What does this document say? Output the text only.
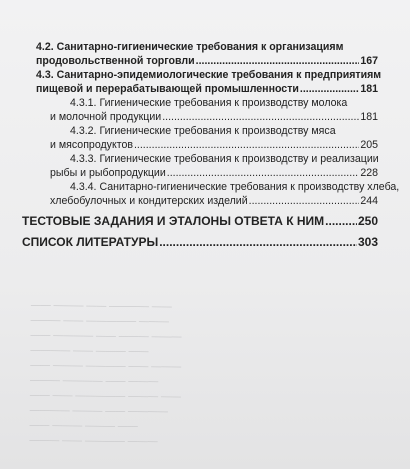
—— ——— —— ———— ——
——— —— ————— ———
—— ———— —— ——— ———
———— —— ——— ——
—— ——— ———— —— ———
——— ———— —— ———
—— —— ————— ——— ——
———— ——— —— ————
—— ——— ——— ——
——— —— ———— ———
4.2. Санитарно-гигиенические требования к организациям
продовольственной торговли .....	167
4.3. Санитарно-эпидемиологические требования к предприятиям
пищевой и перерабатывающей промышленности .....	181
4.3.1. Гигиенические требования к производству молока
и молочной продукции .....	181
4.3.2. Гигиенические требования к производству мяса
и мясопродуктов .....	205
4.3.3. Гигиенические требования к производству и реализации
рыбы и рыбопродукции .....	228
4.3.4. Санитарно-гигиенические требования к производству хлеба,
хлебобулочных и кондитерских изделий .....	244
ТЕСТОВЫЕ ЗАДАНИЯ И ЭТАЛОНЫ ОТВЕТА К НИМ .....	250
СПИСОК ЛИТЕРАТУРЫ .....	303
